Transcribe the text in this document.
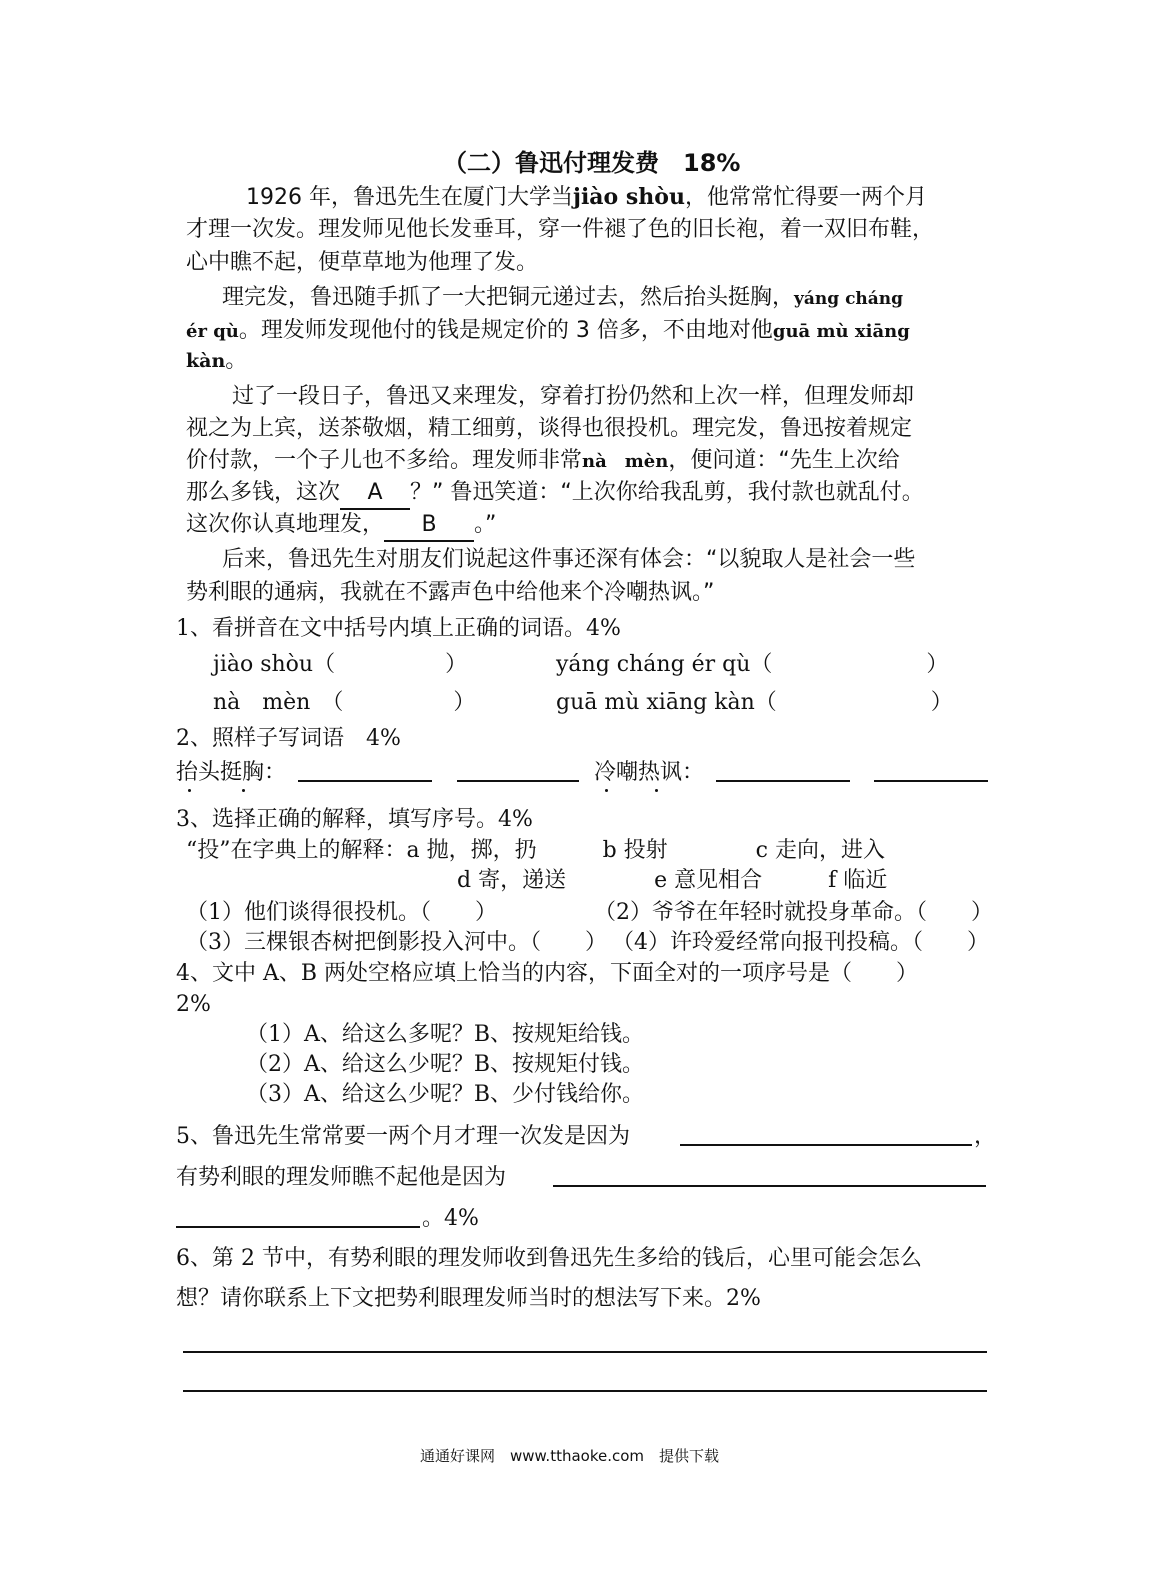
（二）鲁迅付理发费　18%
1926 年，鲁迅先生在厦门大学当jiào shòu，他常常忙得要一两个月
才理一次发。理发师见他长发垂耳，穿一件褪了色的旧长袍，着一双旧布鞋，
心中瞧不起，便草草地为他理了发。
理完发，鲁迅随手抓了一大把铜元递过去，然后抬头挺胸，yáng cháng
ér qù。理发师发现他付的钱是规定价的 3 倍多，不由地对他guā mù xiāng
kàn。
过了一段日子，鲁迅又来理发，穿着打扮仍然和上次一样，但理发师却
视之为上宾，送茶敬烟，精工细剪，谈得也很投机。理完发，鲁迅按着规定
价付款，一个子儿也不多给。理发师非常nà　mèn，便问道：“先生上次给
那么多钱，这次 A ？” 鲁迅笑道：“上次你给我乱剪，我付款也就乱付。
这次你认真地理发， B 。”
后来，鲁迅先生对朋友们说起这件事还深有体会：“以貌取人是社会一些
势利眼的通病，我就在不露声色中给他来个冷嘲热讽。”
1、看拼音在文中括号内填上正确的词语。4%
jiào shòu（　　　　　）	yáng cháng ér qù（　　　　　　　）
nà　mèn　（　　　　　）	guā mù xiāng kàn（　　　　　　　）
2、照样子写词语　4%
抬头挺胸：	冷嘲热讽：
3、选择正确的解释，填写序号。4%
“投”在字典上的解释：a 抛，掷，扔　　　b 投射　　　　c 走向，进入
d 寄，递送　　　　e 意见相合　　　f 临近
（1）他们谈得很投机。（　　）	（2）爷爷在年轻时就投身革命。（　　）
（3）三棵银杏树把倒影投入河中。（　　） （4）许玲爱经常向报刊投稿。（　　）
4、文中 A、B 两处空格应填上恰当的内容，下面全对的一项序号是（　　）
2%
（1）A、给这么多呢？B、按规矩给钱。
（2）A、给这么少呢？B、按规矩付钱。
（3）A、给这么少呢？B、少付钱给你。
5、鲁迅先生常常要一两个月才理一次发是因为	，
有势利眼的理发师瞧不起他是因为
。4%
6、第 2 节中，有势利眼的理发师收到鲁迅先生多给的钱后，心里可能会怎么
想？请你联系上下文把势利眼理发师当时的想法写下来。2%
通通好课网　www.tthaoke.com　提供下载
